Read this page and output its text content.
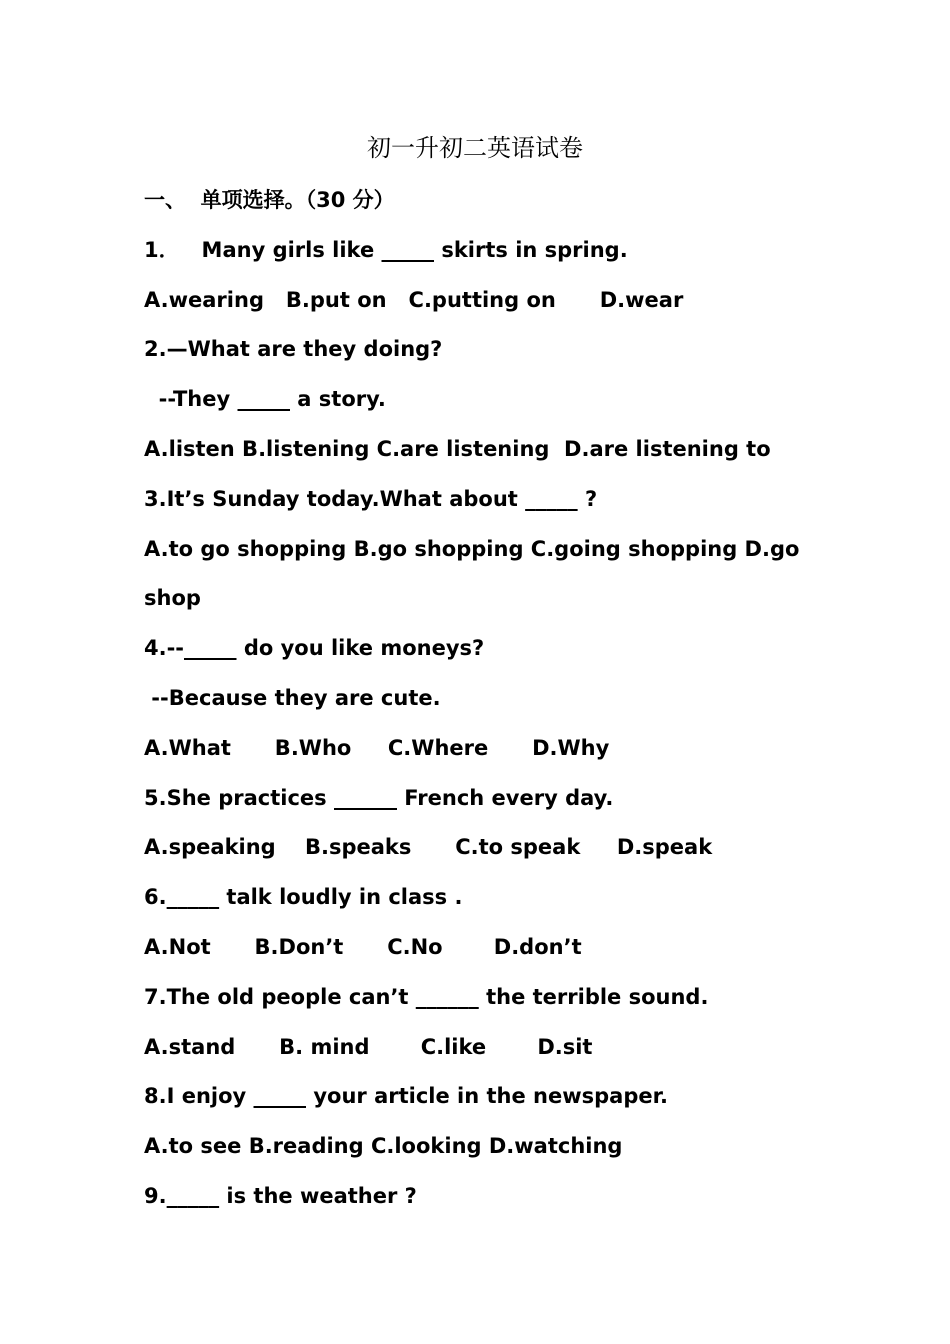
初一升初二英语试卷
一、  单项选择。（30 分）
1．   Many girls like _____ skirts in spring.
A.wearing   B.put on   C.putting on      D.wear
2.—What are they doing?
--They _____ a story.
A.listen B.listening C.are listening  D.are listening to
3.It’s Sunday today.What about _____ ?
A.to go shopping B.go shopping C.going shopping D.go
shop
4.--_____ do you like moneys?
--Because they are cute.
A.What      B.Who     C.Where      D.Why
5.She practices ______ French every day.
A.speaking    B.speaks      C.to speak     D.speak
6._____ talk loudly in class .
A.Not      B.Don’t      C.No       D.don’t
7.The old people can’t ______ the terrible sound.
A.stand      B. mind       C.like       D.sit
8.I enjoy _____ your article in the newspaper.
A.to see B.reading C.looking D.watching
9._____ is the weather ?
